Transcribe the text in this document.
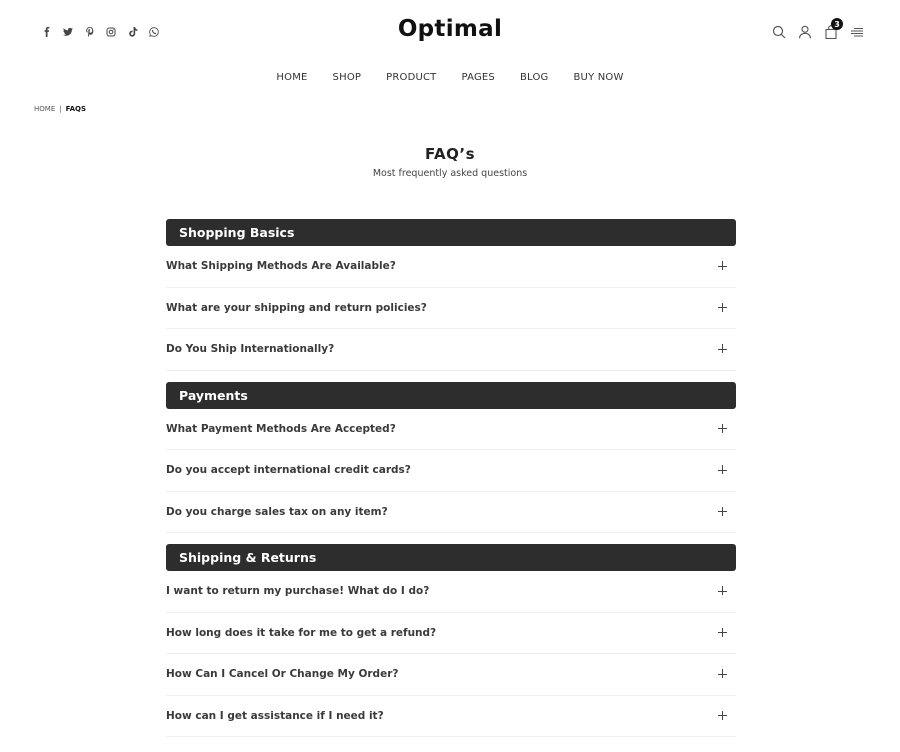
Optimal	3
HOME	SHOP	PRODUCT	PAGES	BLOG	BUY NOW
HOME | FAQS
FAQ’s
Most frequently asked questions
Shopping Basics
What Shipping Methods Are Available?
What are your shipping and return policies?
Do You Ship Internationally?
Payments
What Payment Methods Are Accepted?
Do you accept international credit cards?
Do you charge sales tax on any item?
Shipping & Returns
I want to return my purchase! What do I do?
How long does it take for me to get a refund?
How Can I Cancel Or Change My Order?
How can I get assistance if I need it?
